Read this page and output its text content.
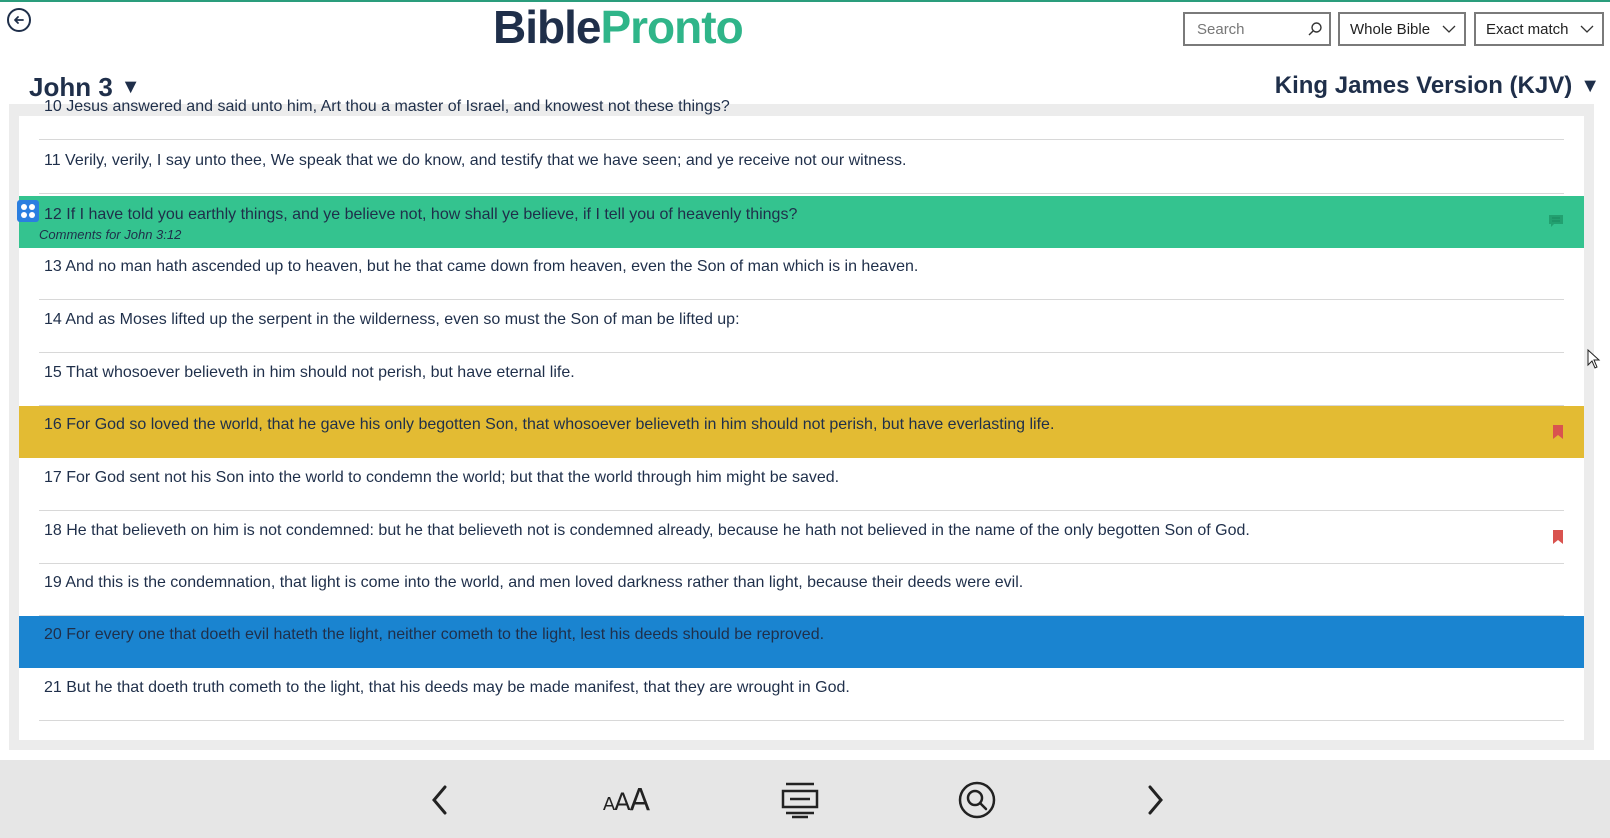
Bible Pronto
Search	Whole Bible	Exact match
John 3 ▼	King James Version (KJV) ▼
10 Jesus answered and said unto him, Art thou a master of Israel, and knowest not these things?
11 Verily, verily, I say unto thee, We speak that we do know, and testify that we have seen; and ye receive not our witness.
12 If I have told you earthly things, and ye believe not, how shall ye believe, if I tell you of heavenly things?
Comments for John 3:12
13 And no man hath ascended up to heaven, but he that came down from heaven, even the Son of man which is in heaven.
14 And as Moses lifted up the serpent in the wilderness, even so must the Son of man be lifted up:
15 That whosoever believeth in him should not perish, but have eternal life.
16 For God so loved the world, that he gave his only begotten Son, that whosoever believeth in him should not perish, but have everlasting life.
17 For God sent not his Son into the world to condemn the world; but that the world through him might be saved.
18 He that believeth on him is not condemned: but he that believeth not is condemned already, because he hath not believed in the name of the only begotten Son of God.
19 And this is the condemnation, that light is come into the world, and men loved darkness rather than light, because their deeds were evil.
20 For every one that doeth evil hateth the light, neither cometh to the light, lest his deeds should be reproved.
21 But he that doeth truth cometh to the light, that his deeds may be made manifest, that they are wrought in God.
AAA
